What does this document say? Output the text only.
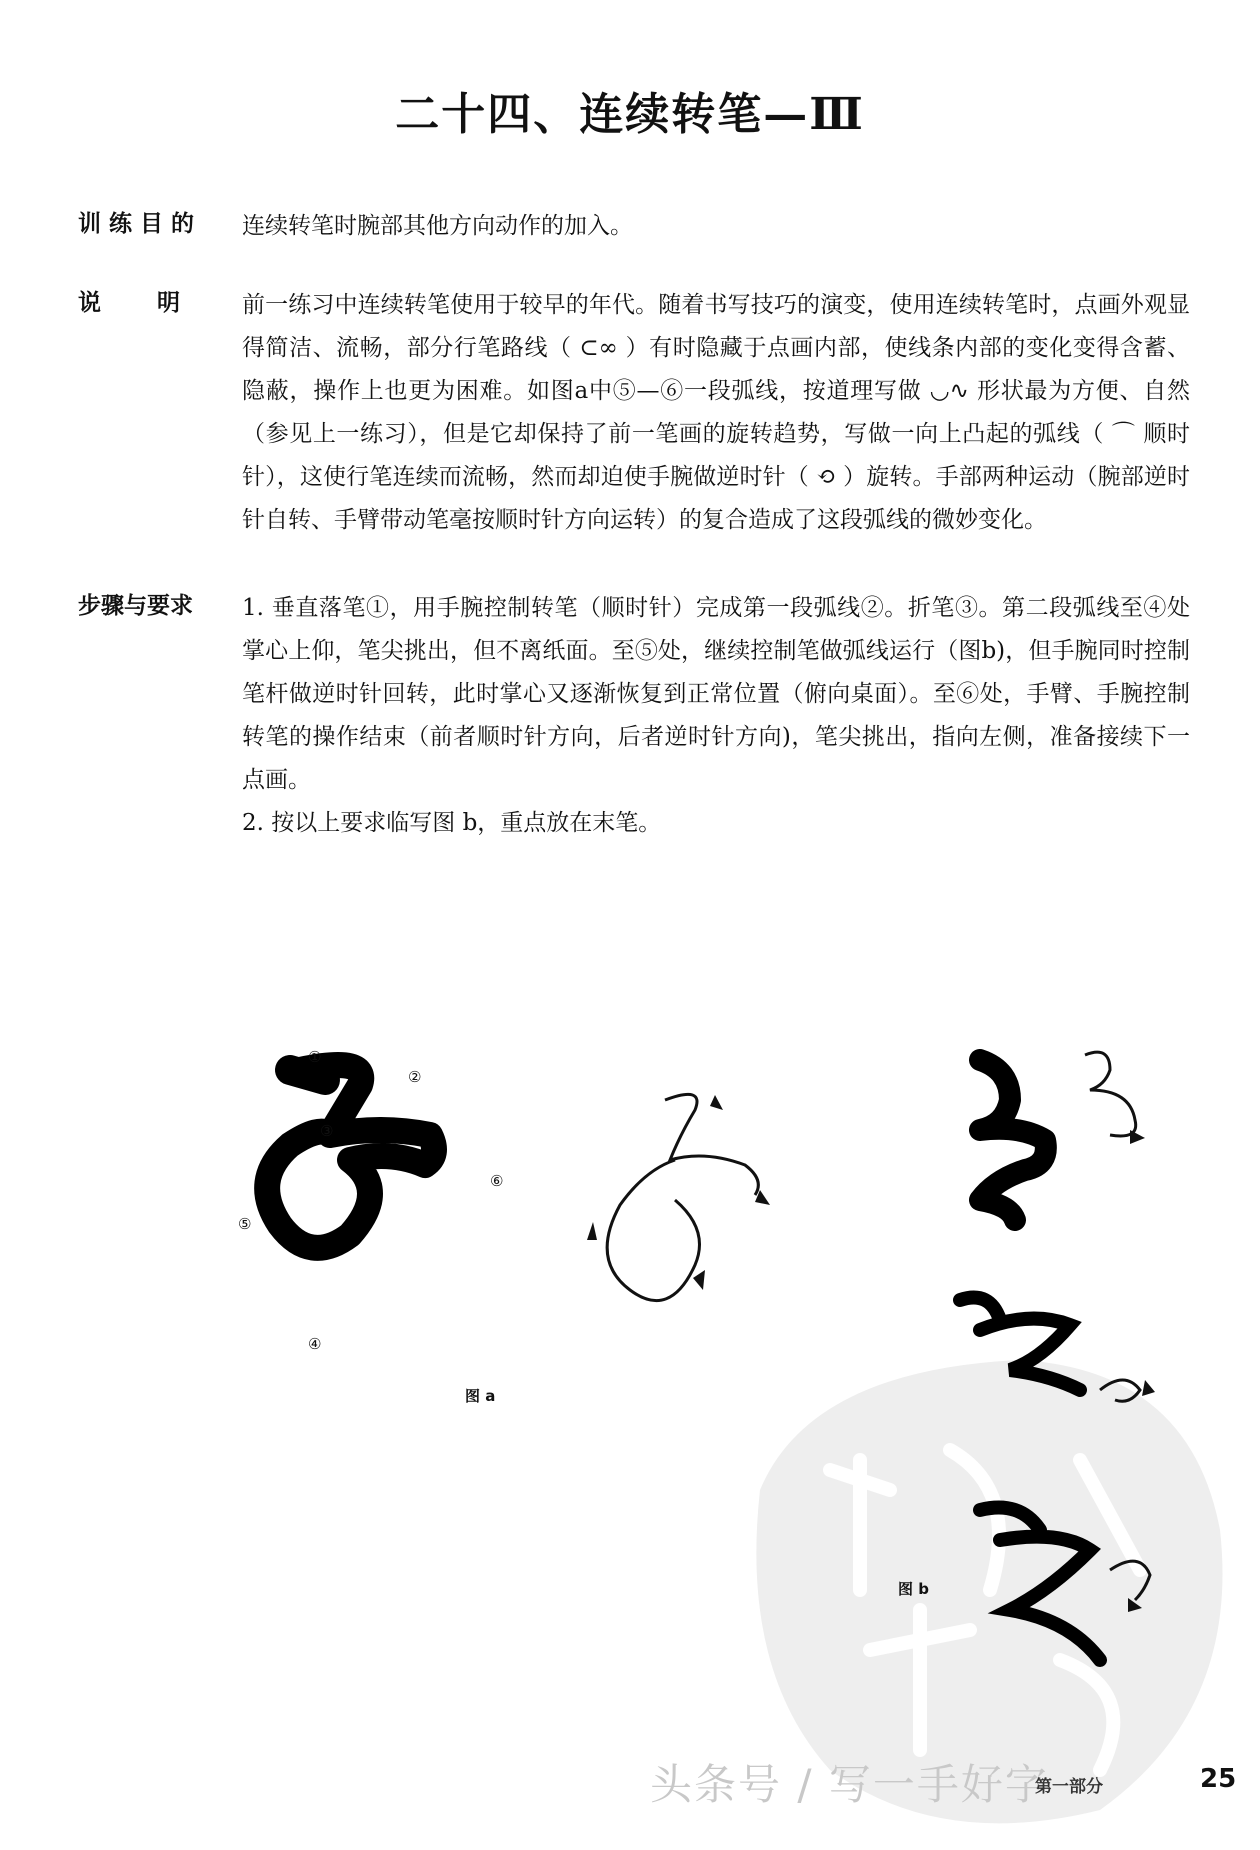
二十四、连续转笔—Ⅲ
训 练 目 的	连续转笔时腕部其他方向动作的加入。
说       明	前一练习中连续转笔使用于较早的年代。随着书写技巧的演变，使用连续转笔时，点画外观显得简洁、流畅，部分行笔路线（ ⊂∞ ）有时隐藏于点画内部，使线条内部的变化变得含蓄、隐蔽，操作上也更为困难。如图a中⑤—⑥一段弧线，按道理写做 ◡∿ 形状最为方便、自然（参见上一练习），但是它却保持了前一笔画的旋转趋势，写做一向上凸起的弧线（ ⌒ 顺时针），这使行笔连续而流畅，然而却迫使手腕做逆时针（ ⟲ ）旋转。手部两种运动（腕部逆时针自转、手臂带动笔毫按顺时针方向运转）的复合造成了这段弧线的微妙变化。
步骤与要求	1. 垂直落笔①，用手腕控制转笔（顺时针）完成第一段弧线②。折笔③。第二段弧线至④处掌心上仰，笔尖挑出，但不离纸面。至⑤处，继续控制笔做弧线运行（图b)，但手腕同时控制笔杆做逆时针回转，此时掌心又逐渐恢复到正常位置（俯向桌面）。至⑥处，手臂、手腕控制转笔的操作结束（前者顺时针方向，后者逆时针方向)，笔尖挑出，指向左侧，准备接续下一点画。
2. 按以上要求临写图 b，重点放在末笔。
①
②
③
④
⑤
⑥
图 a
图 b
头条号 / 写一手好字
第一部分	25
